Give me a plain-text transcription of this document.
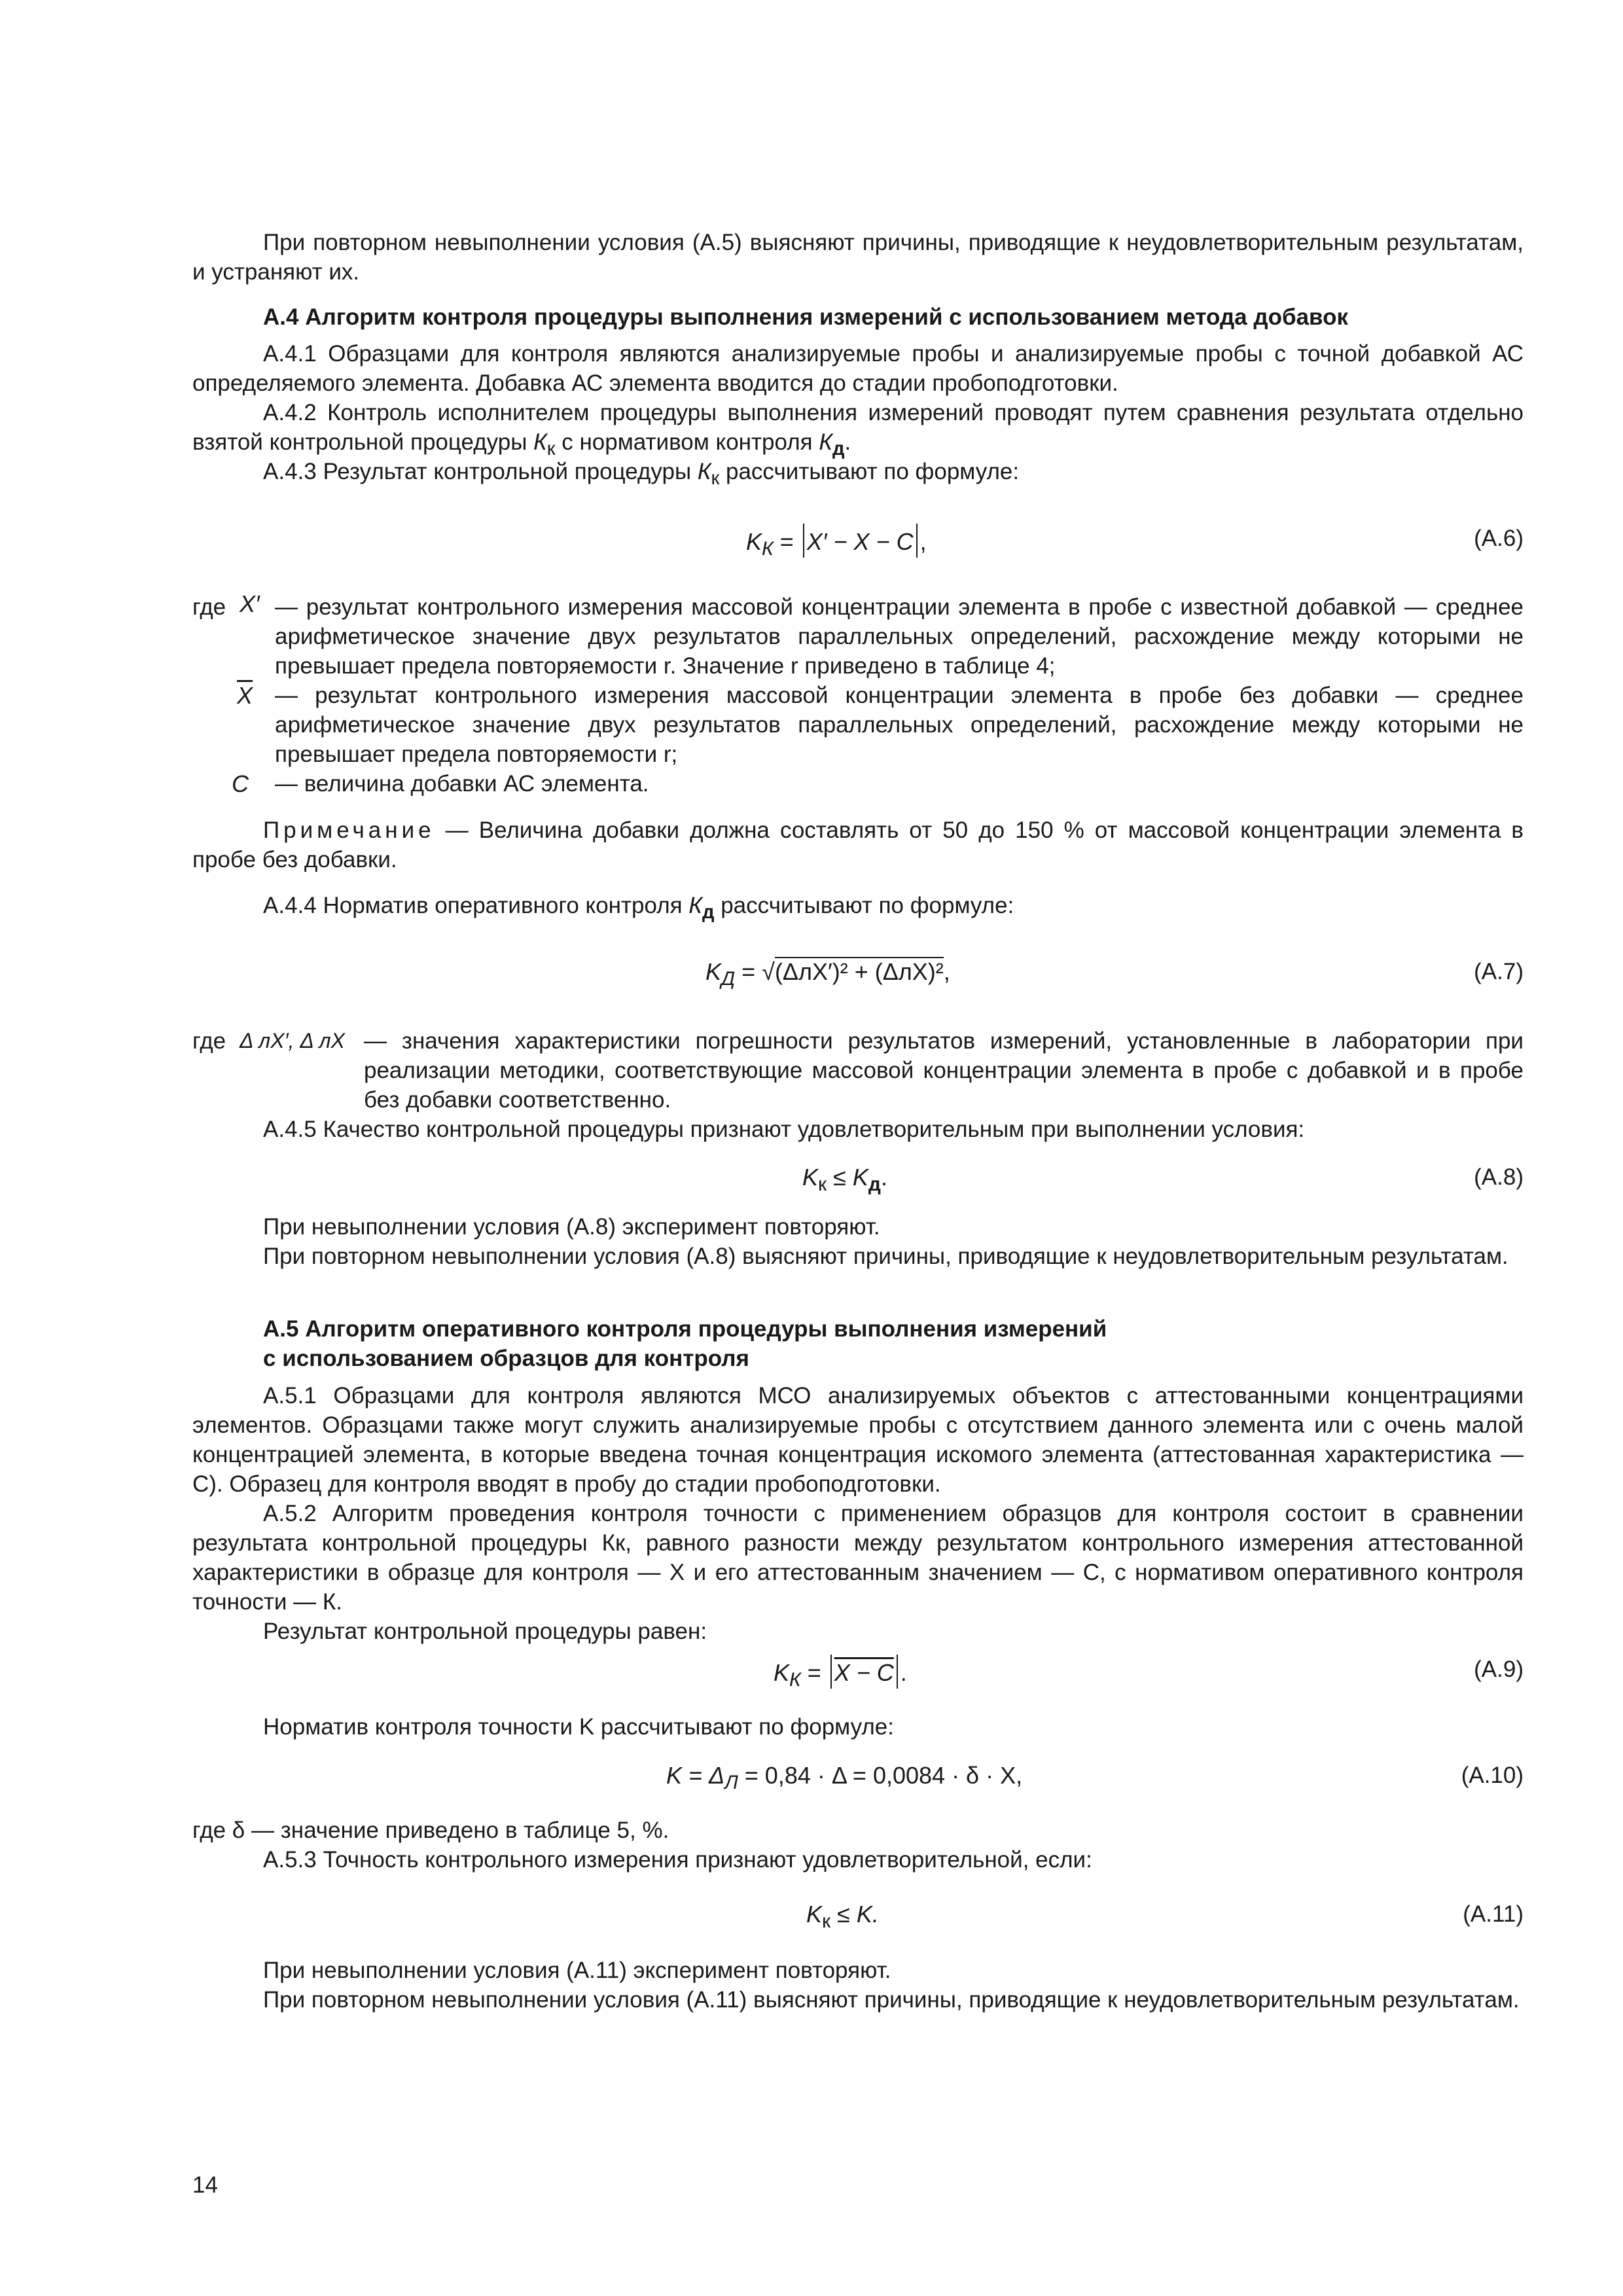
При повторном невыполнении условия (А.5) выясняют причины, приводящие к неудовлетворительным результатам, и устраняют их.

А.4 Алгоритм контроля процедуры выполнения измерений с использованием метода добавок

А.4.1 Образцами для контроля являются анализируемые пробы и анализируемые пробы с точной добавкой АС определяемого элемента. Добавка АС элемента вводится до стадии пробоподготовки.

А.4.2 Контроль исполнителем процедуры выполнения измерений проводят путем сравнения результата отдельно взятой контрольной процедуры $К_к$ с нормативом контроля $К_д$.

А.4.3 Результат контрольной процедуры $К_к$ рассчитывают по формуле:

$K_К = X' - X - C$ ,	(А.6)
где X′ — результат контрольного измерения массовой концентрации элемента в пробе с известной добавкой — среднее арифметическое значение двух результатов параллельных определений, расхождение между которыми не превышает предела повторяемости r. Значение r приведено в таблице 4;
$\overline{X}$ — результат контрольного измерения массовой концентрации элемента в пробе без добавки — среднее арифметическое значение двух результатов параллельных определений, расхождение между которыми не превышает предела повторяемости r;
С — величина добавки АС элемента.

Примечание — Величина добавки должна составлять от 50 до 150 % от массовой концентрации элемента в пробе без добавки.

А.4.4 Норматив оперативного контроля $К_д$ рассчитывают по формуле:

$K_Д = √(\Delta лX')^2 + (\Delta лX)^2$,	(А.7)
где Δ лX′, Δ лX — значения характеристики погрешности результатов измерений, установленные в лаборатории при реализации методики, соответствующие массовой концентрации элемента в пробе с добавкой и в пробе без добавки соответственно.

А.4.5 Качество контрольной процедуры признают удовлетворительным при выполнении условия:

$K_к \le K_д$.	(А.8)

При невыполнении условия (А.8) эксперимент повторяют.

При повторном невыполнении условия (А.8) выясняют причины, приводящие к неудовлетворительным результатам.

А.5 Алгоритм оперативного контроля процедуры выполнения измерений

с использованием образцов для контроля

А.5.1 Образцами для контроля являются МСО анализируемых объектов с аттестованными концентрациями элементов. Образцами также могут служить анализируемые пробы с отсутствием данного элемента или с очень малой концентрацией элемента, в которые введена точная концентрация искомого элемента (аттестованная характеристика — С). Образец для контроля вводят в пробу до стадии пробоподготовки.

А.5.2 Алгоритм проведения контроля точности с применением образцов для контроля состоит в сравнении результата контрольной процедуры Кк, равного разности между результатом контрольного измерения аттестованной характеристики в образце для контроля — X и его аттестованным значением — С, с нормативом оперативного контроля точности — К.

Результат контрольной процедуры равен:

$K_К = X - C$ .	(А.9)

Норматив контроля точности K рассчитывают по формуле:

$K = \Delta_Л = 0,84 \cdot \Delta = 0,0084 \cdot \delta \cdot X$,	(А.10)

где δ — значение приведено в таблице 5, %.

А.5.3 Точность контрольного измерения признают удовлетворительной, если:

$K_к \le K$.	(А.11)

При невыполнении условия (А.11) эксперимент повторяют.

При повторном невыполнении условия (А.11) выясняют причины, приводящие к неудовлетворительным результатам.

14
